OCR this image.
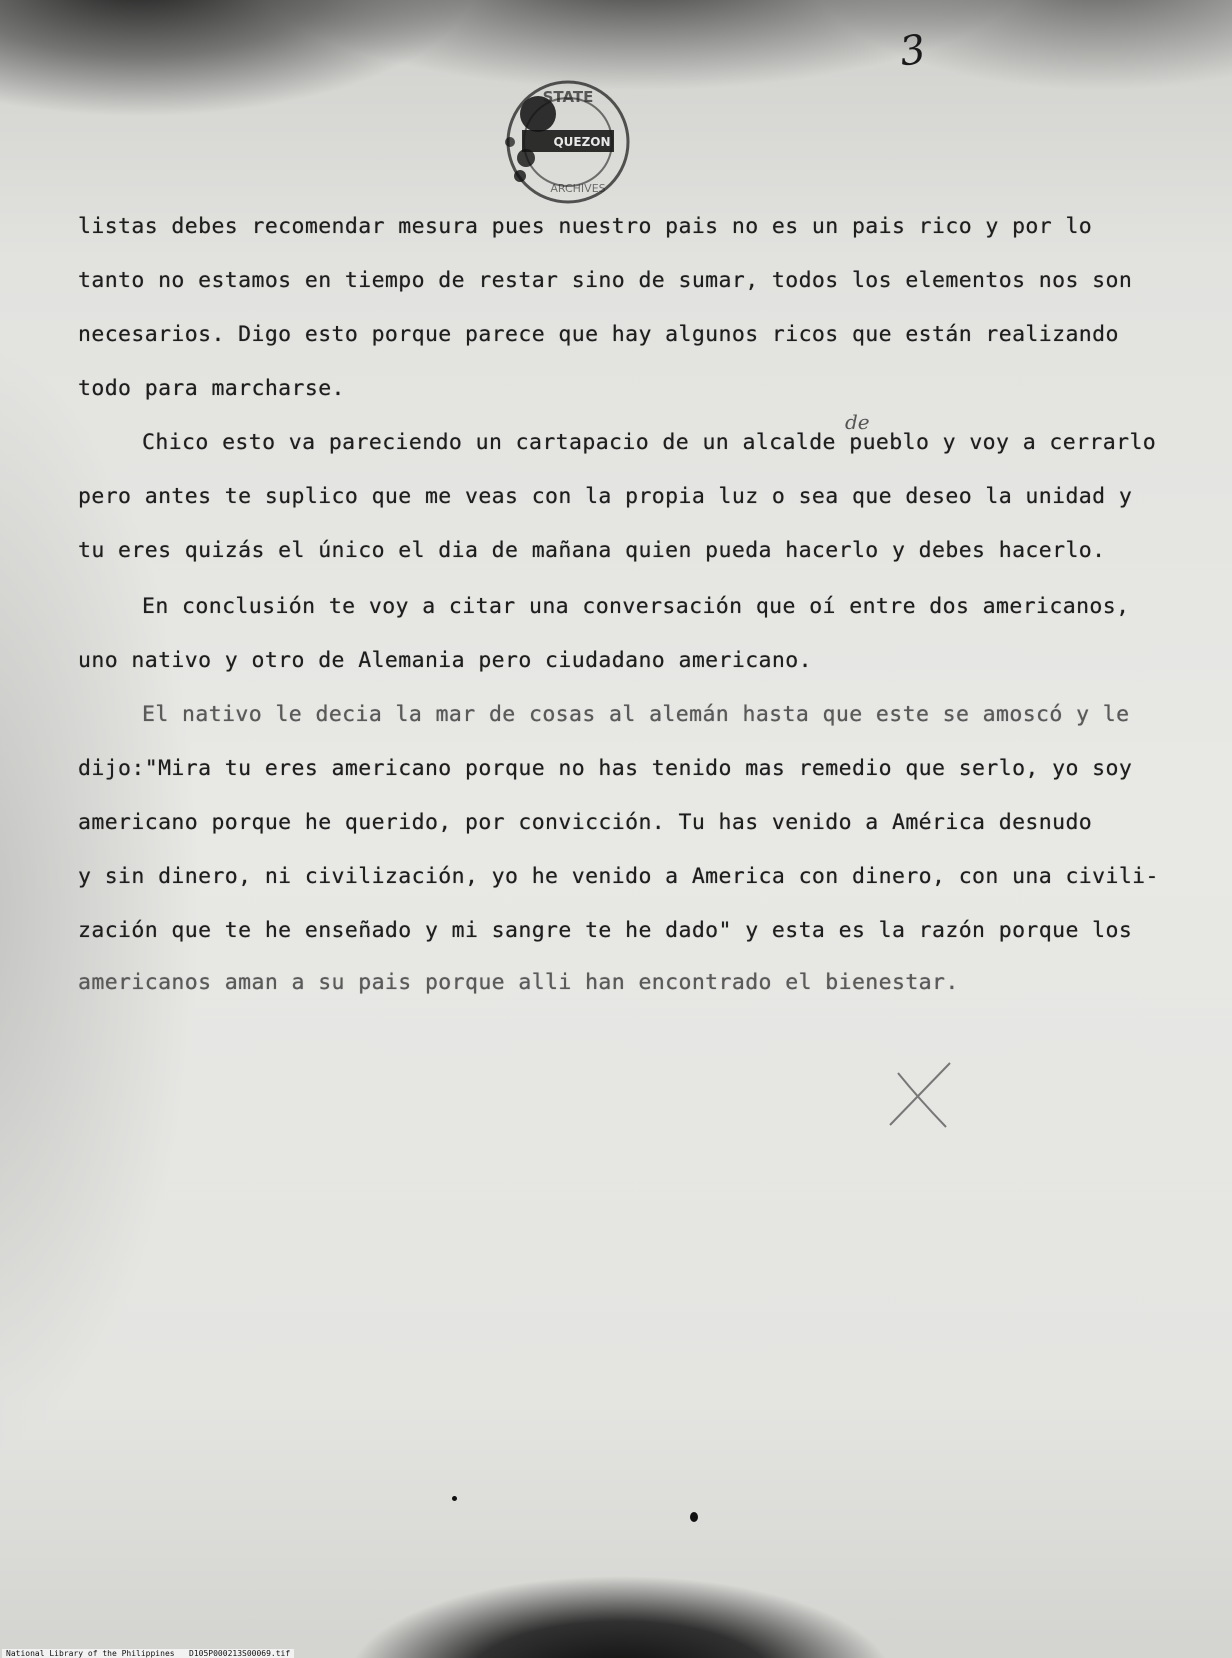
3
STATE
QUEZON
ARCHIVES
listas debes recomendar mesura pues nuestro pais no es un pais rico y por lo
tanto no estamos en tiempo de restar sino de sumar, todos los elementos nos son
necesarios. Digo esto porque parece que hay algunos ricos que están realizando
todo para marcharse.
Chico esto va pareciendo un cartapacio de un alcalde pueblo y voy a cerrarlo
pero antes te suplico que me veas con la propia luz o sea que deseo la unidad y
tu eres quizás el único el dia de mañana quien pueda hacerlo y debes hacerlo.
En conclusión te voy a citar una conversación que oí entre dos americanos,
uno nativo y otro de Alemania pero ciudadano americano.
El nativo le decia la mar de cosas al alemán hasta que este se amoscó y le
dijo:"Mira tu eres americano porque no has tenido mas remedio que serlo, yo soy
americano porque he querido, por convicción. Tu has venido a América desnudo
y sin dinero, ni civilización, yo he venido a America con dinero, con una civili-
zación que te he enseñado y mi sangre te he dado" y esta es la razón porque los
americanos aman a su pais porque alli han encontrado el bienestar.
de
National Library of the Philippines D105P000213S00069.tif
